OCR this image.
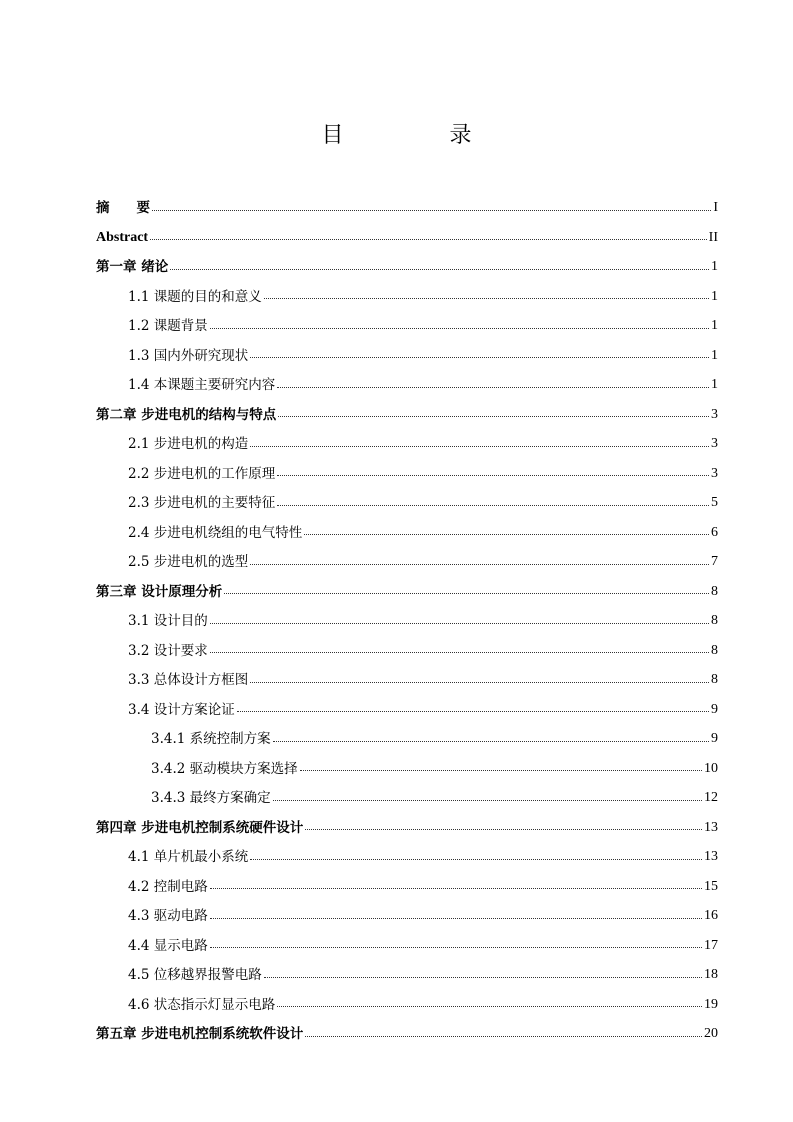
目　录
摘　　要	I
Abstract	II
第一章 绪论	1
1.1 课题的目的和意义	1
1.2 课题背景	1
1.3 国内外研究现状	1
1.4 本课题主要研究内容	1
第二章 步进电机的结构与特点	3
2.1 步进电机的构造	3
2.2 步进电机的工作原理	3
2.3 步进电机的主要特征	5
2.4 步进电机绕组的电气特性	6
2.5 步进电机的选型	7
第三章 设计原理分析	8
3.1 设计目的	8
3.2 设计要求	8
3.3 总体设计方框图	8
3.4 设计方案论证	9
3.4.1 系统控制方案	9
3.4.2 驱动模块方案选择	10
3.4.3 最终方案确定	12
第四章 步进电机控制系统硬件设计	13
4.1 单片机最小系统	13
4.2 控制电路	15
4.3 驱动电路	16
4.4 显示电路	17
4.5 位移越界报警电路	18
4.6 状态指示灯显示电路	19
第五章 步进电机控制系统软件设计	20
